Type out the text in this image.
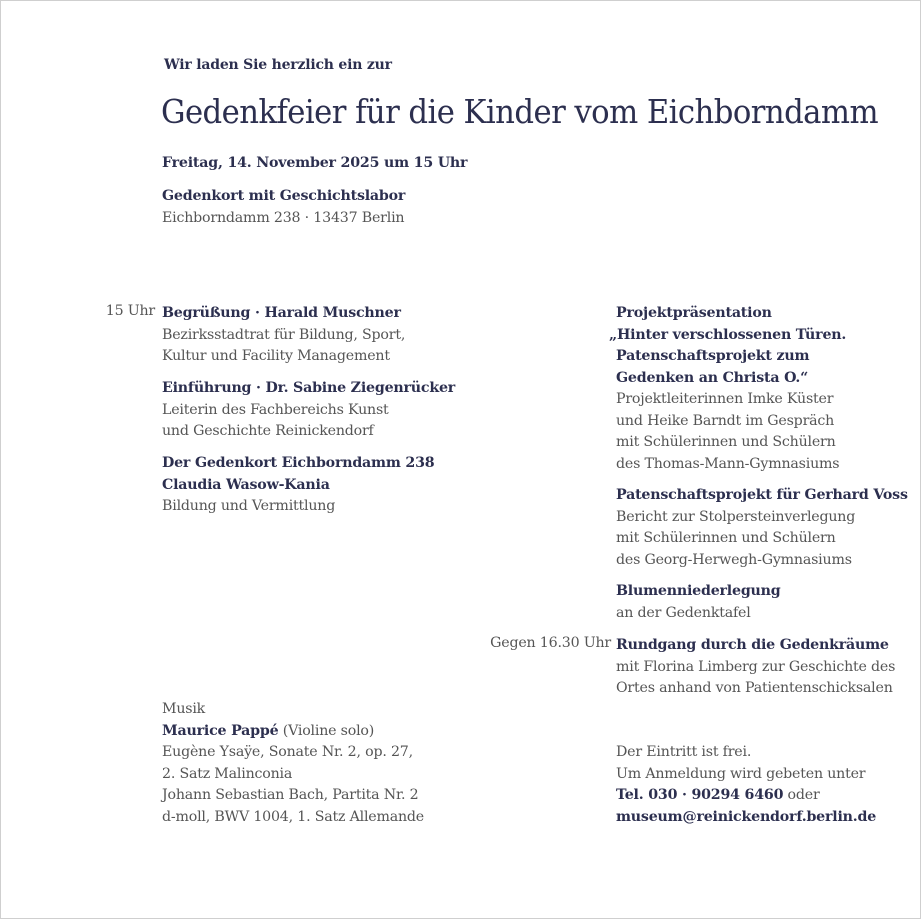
Wir laden Sie herzlich ein zur
Gedenkfeier für die Kinder vom Eichborndamm
Freitag, 14. November 2025 um 15 Uhr
Gedenkort mit Geschichtslabor
Eichborndamm 238 · 13437 Berlin
15 Uhr Begrüßung · Harald Muschner
Bezirksstadtrat für Bildung, Sport,
Kultur und Facility Management
Einführung · Dr. Sabine Ziegenrücker
Leiterin des Fachbereichs Kunst
und Geschichte Reinickendorf
Der Gedenkort Eichborndamm 238
Claudia Wasow-Kania
Bildung und Vermittlung
Projektpräsentation
„Hinter verschlossenen Türen.
Patenschaftsprojekt zum
Gedenken an Christa O.“
Projektleiterinnen Imke Küster
und Heike Barndt im Gespräch
mit Schülerinnen und Schülern
des Thomas-Mann-Gymnasiums
Patenschaftsprojekt für Gerhard Voss
Bericht zur Stolpersteinverlegung
mit Schülerinnen und Schülern
des Georg-Herwegh-Gymnasiums
Blumenniederlegung
an der Gedenktafel
Gegen 16.30 Uhr Rundgang durch die Gedenkräume
mit Florina Limberg zur Geschichte des
Ortes anhand von Patientenschicksalen
Musik
Maurice Pappé (Violine solo)
Eugène Ysaÿe, Sonate Nr. 2, op. 27,
2. Satz Malinconia
Johann Sebastian Bach, Partita Nr. 2
d-moll, BWV 1004, 1. Satz Allemande
Der Eintritt ist frei.
Um Anmeldung wird gebeten unter
Tel. 030 · 90294 6460 oder
museum@reinickendorf.berlin.de
